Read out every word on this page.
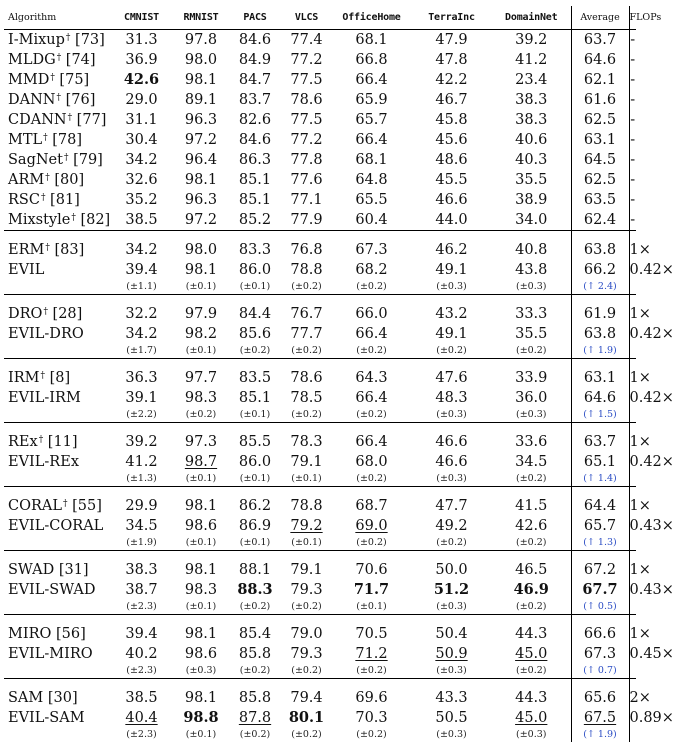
Algorithm	CMNIST	RMNIST	PACS	VLCS	OfficeHome	TerraInc	DomainNet	Average	FLOPs
I-Mixup† [73]	31.3	97.8	84.6	77.4	68.1	47.9	39.2	63.7	-
MLDG† [74]	36.9	98.0	84.9	77.2	66.8	47.8	41.2	64.6	-
MMD† [75]	42.6	98.1	84.7	77.5	66.4	42.2	23.4	62.1	-
DANN† [76]	29.0	89.1	83.7	78.6	65.9	46.7	38.3	61.6	-
CDANN† [77]	31.1	96.3	82.6	77.5	65.7	45.8	38.3	62.5	-
MTL† [78]	30.4	97.2	84.6	77.2	66.4	45.6	40.6	63.1	-
SagNet† [79]	34.2	96.4	86.3	77.8	68.1	48.6	40.3	64.5	-
ARM† [80]	32.6	98.1	85.1	77.6	64.8	45.5	35.5	62.5	-
RSC† [81]	35.2	96.3	85.1	77.1	65.5	46.6	38.9	63.5	-
Mixstyle† [82]	38.5	97.2	85.2	77.9	60.4	44.0	34.0	62.4	-

ERM† [83]	34.2	98.0	83.3	76.8	67.3	46.2	40.8	63.8	1×
EVIL	39.4	98.1	86.0	78.8	68.2	49.1	43.8	66.2	0.42×
	(±1.1)	(±0.1)	(±0.1)	(±0.2)	(±0.2)	(±0.3)	(±0.3)	(↑ 2.4)	

DRO† [28]	32.2	97.9	84.4	76.7	66.0	43.2	33.3	61.9	1×
EVIL-DRO	34.2	98.2	85.6	77.7	66.4	49.1	35.5	63.8	0.42×
	(±1.7)	(±0.1)	(±0.2)	(±0.2)	(±0.2)	(±0.2)	(±0.2)	(↑ 1.9)	

IRM† [8]	36.3	97.7	83.5	78.6	64.3	47.6	33.9	63.1	1×
EVIL-IRM	39.1	98.3	85.1	78.5	66.4	48.3	36.0	64.6	0.42×
	(±2.2)	(±0.2)	(±0.1)	(±0.2)	(±0.2)	(±0.3)	(±0.3)	(↑ 1.5)	

REx† [11]	39.2	97.3	85.5	78.3	66.4	46.6	33.6	63.7	1×
EVIL-REx	41.2	98.7	86.0	79.1	68.0	46.6	34.5	65.1	0.42×
	(±1.3)	(±0.1)	(±0.1)	(±0.1)	(±0.2)	(±0.3)	(±0.2)	(↑ 1.4)	

CORAL† [55]	29.9	98.1	86.2	78.8	68.7	47.7	41.5	64.4	1×
EVIL-CORAL	34.5	98.6	86.9	79.2	69.0	49.2	42.6	65.7	0.43×
	(±1.9)	(±0.1)	(±0.1)	(±0.1)	(±0.2)	(±0.2)	(±0.2)	(↑ 1.3)	

SWAD [31]	38.3	98.1	88.1	79.1	70.6	50.0	46.5	67.2	1×
EVIL-SWAD	38.7	98.3	88.3	79.3	71.7	51.2	46.9	67.7	0.43×
	(±2.3)	(±0.1)	(±0.2)	(±0.2)	(±0.1)	(±0.3)	(±0.2)	(↑ 0.5)	

MIRO [56]	39.4	98.1	85.4	79.0	70.5	50.4	44.3	66.6	1×
EVIL-MIRO	40.2	98.6	85.8	79.3	71.2	50.9	45.0	67.3	0.45×
	(±2.3)	(±0.3)	(±0.2)	(±0.2)	(±0.2)	(±0.3)	(±0.2)	(↑ 0.7)	

SAM [30]	38.5	98.1	85.8	79.4	69.6	43.3	44.3	65.6	2×
EVIL-SAM	40.4	98.8	87.8	80.1	70.3	50.5	45.0	67.5	0.89×
	(±2.3)	(±0.1)	(±0.2)	(±0.2)	(±0.2)	(±0.3)	(±0.3)	(↑ 1.9)	
